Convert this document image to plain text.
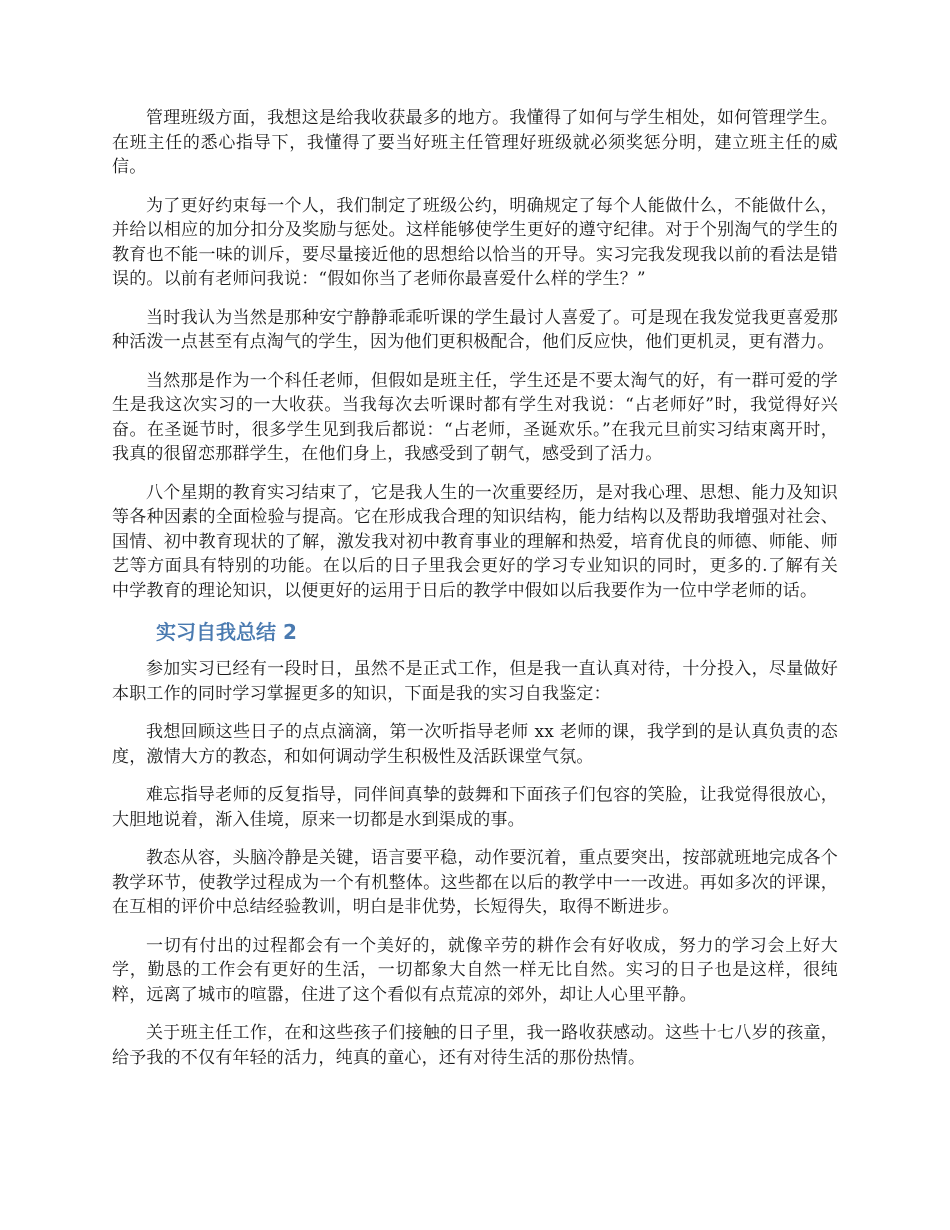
管理班级方面，我想这是给我收获最多的地方。我懂得了如何与学生相处，如何管理学生。在班主任的悉心指导下，我懂得了要当好班主任管理好班级就必须奖惩分明，建立班主任的威信。

为了更好约束每一个人，我们制定了班级公约，明确规定了每个人能做什么，不能做什么，并给以相应的加分扣分及奖励与惩处。这样能够使学生更好的遵守纪律。对于个别淘气的学生的教育也不能一味的训斥，要尽量接近他的思想给以恰当的开导。实习完我发现我以前的看法是错误的。以前有老师问我说：“假如你当了老师你最喜爱什么样的学生？”

当时我认为当然是那种安宁静静乖乖听课的学生最讨人喜爱了。可是现在我发觉我更喜爱那种活泼一点甚至有点淘气的学生，因为他们更积极配合，他们反应快，他们更机灵，更有潜力。

当然那是作为一个科任老师，但假如是班主任，学生还是不要太淘气的好，有一群可爱的学生是我这次实习的一大收获。当我每次去听课时都有学生对我说：“占老师好”时，我觉得好兴奋。在圣诞节时，很多学生见到我后都说：“占老师，圣诞欢乐。”在我元旦前实习结束离开时，我真的很留恋那群学生，在他们身上，我感受到了朝气，感受到了活力。

八个星期的教育实习结束了，它是我人生的一次重要经历，是对我心理、思想、能力及知识等各种因素的全面检验与提高。它在形成我合理的知识结构，能力结构以及帮助我增强对社会、国情、初中教育现状的了解，激发我对初中教育事业的理解和热爱，培育优良的师德、师能、师艺等方面具有特别的功能。在以后的日子里我会更好的学习专业知识的同时，更多的.了解有关中学教育的理论知识，以便更好的运用于日后的教学中假如以后我要作为一位中学老师的话。

实习自我总结 2

参加实习已经有一段时日，虽然不是正式工作，但是我一直认真对待，十分投入，尽量做好本职工作的同时学习掌握更多的知识，下面是我的实习自我鉴定：

我想回顾这些日子的点点滴滴，第一次听指导老师 xx 老师的课，我学到的是认真负责的态度，激情大方的教态，和如何调动学生积极性及活跃课堂气氛。

难忘指导老师的反复指导，同伴间真挚的鼓舞和下面孩子们包容的笑脸，让我觉得很放心，大胆地说着，渐入佳境，原来一切都是水到渠成的事。

教态从容，头脑冷静是关键，语言要平稳，动作要沉着，重点要突出，按部就班地完成各个教学环节，使教学过程成为一个有机整体。这些都在以后的教学中一一改进。再如多次的评课，在互相的评价中总结经验教训，明白是非优势，长短得失，取得不断进步。

一切有付出的过程都会有一个美好的，就像辛劳的耕作会有好收成，努力的学习会上好大学，勤恳的工作会有更好的生活，一切都象大自然一样无比自然。实习的日子也是这样，很纯粹，远离了城市的喧嚣，住进了这个看似有点荒凉的郊外，却让人心里平静。

关于班主任工作，在和这些孩子们接触的日子里，我一路收获感动。这些十七八岁的孩童，给予我的不仅有年轻的活力，纯真的童心，还有对待生活的那份热情。
